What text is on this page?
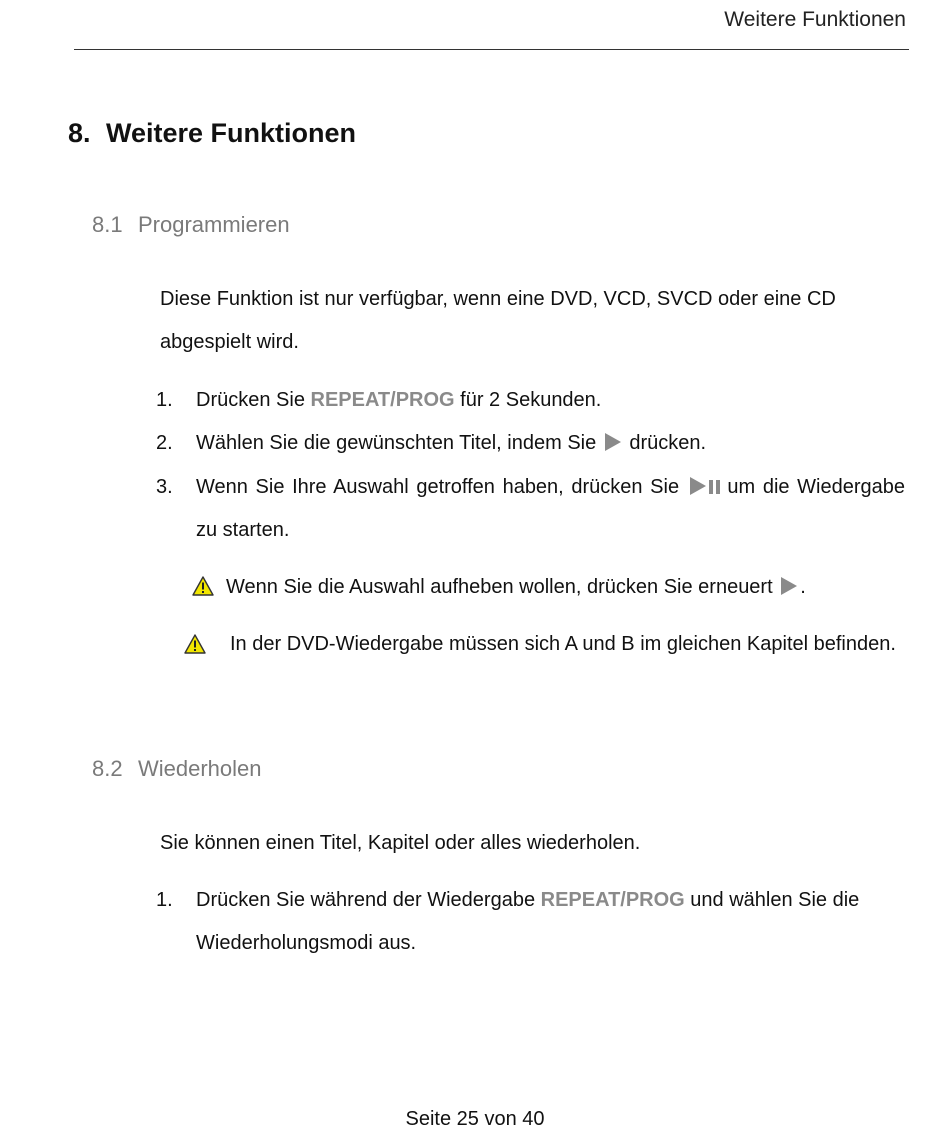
Weitere Funktionen
8. Weitere Funktionen
8.1 Programmieren
Diese Funktion ist nur verfügbar, wenn eine DVD, VCD, SVCD oder eine CD abgespielt wird.
1.	Drücken Sie REPEAT/PROG für 2 Sekunden.
2.	Wählen Sie die gewünschten Titel, indem Sie  drücken.
3.	Wenn Sie Ihre Auswahl getroffen haben, drücken Sie
um die Wiedergabe zu starten.
Wenn Sie die Auswahl aufheben wollen, drücken Sie erneuert .
In der DVD-Wiedergabe müssen sich A und B im gleichen Kapitel befinden.
8.2 Wiederholen
Sie können einen Titel, Kapitel oder alles wiederholen.
1.	Drücken Sie während der Wiedergabe REPEAT/PROG und wählen Sie die Wiederholungsmodi aus.
Seite 25 von 40
